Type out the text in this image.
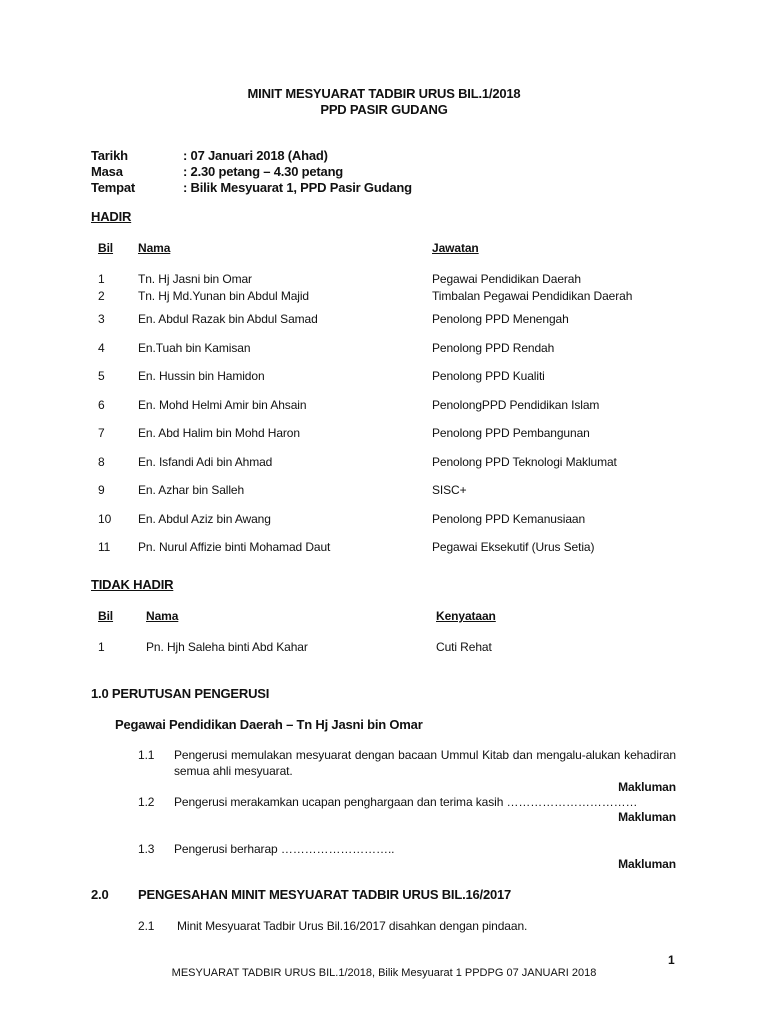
MINIT MESYUARAT TADBIR URUS BIL.1/2018
PPD PASIR GUDANG
Tarikh	: 07 Januari 2018 (Ahad)
Masa	: 2.30 petang – 4.30 petang
Tempat	: Bilik Mesyuarat 1, PPD Pasir Gudang
HADIR
Bil Nama	Jawatan
1	Tn. Hj Jasni bin Omar	Pegawai Pendidikan Daerah
2	Tn. Hj Md.Yunan bin Abdul Majid	Timbalan Pegawai Pendidikan Daerah
3	En. Abdul Razak bin Abdul Samad	Penolong PPD Menengah
4	En.Tuah bin Kamisan	Penolong PPD Rendah
5	En. Hussin bin Hamidon	Penolong PPD Kualiti
6	En. Mohd Helmi Amir bin Ahsain	PenolongPPD Pendidikan Islam
7	En. Abd Halim bin Mohd Haron	Penolong PPD Pembangunan
8	En. Isfandi Adi bin Ahmad	Penolong PPD Teknologi Maklumat
9	En. Azhar bin Salleh	SISC+
10 En. Abdul Aziz bin Awang	Penolong PPD Kemanusiaan
11 Pn. Nurul Affizie binti Mohamad Daut	Pegawai Eksekutif (Urus Setia)
TIDAK HADIR
Bil	Nama	Kenyataan
1	Pn. Hjh Saleha binti Abd Kahar	Cuti Rehat
1.0 PERUTUSAN PENGERUSI
Pegawai Pendidikan Daerah – Tn Hj Jasni bin Omar
1.1 Pengerusi memulakan mesyuarat dengan bacaan Ummul Kitab dan mengalu-alukan kehadiran
semua ahli mesyuarat.
Makluman
1.2 Pengerusi merakamkan ucapan penghargaan dan terima kasih ……………………………
Makluman
1.3 Pengerusi berharap ………………………..
Makluman
2.0 PENGESAHAN MINIT MESYUARAT TADBIR URUS BIL.16/2017
2.1 Minit Mesyuarat Tadbir Urus Bil.16/2017 disahkan dengan pindaan.
1
MESYUARAT TADBIR URUS BIL.1/2018, Bilik Mesyuarat 1 PPDPG 07 JANUARI 2018
